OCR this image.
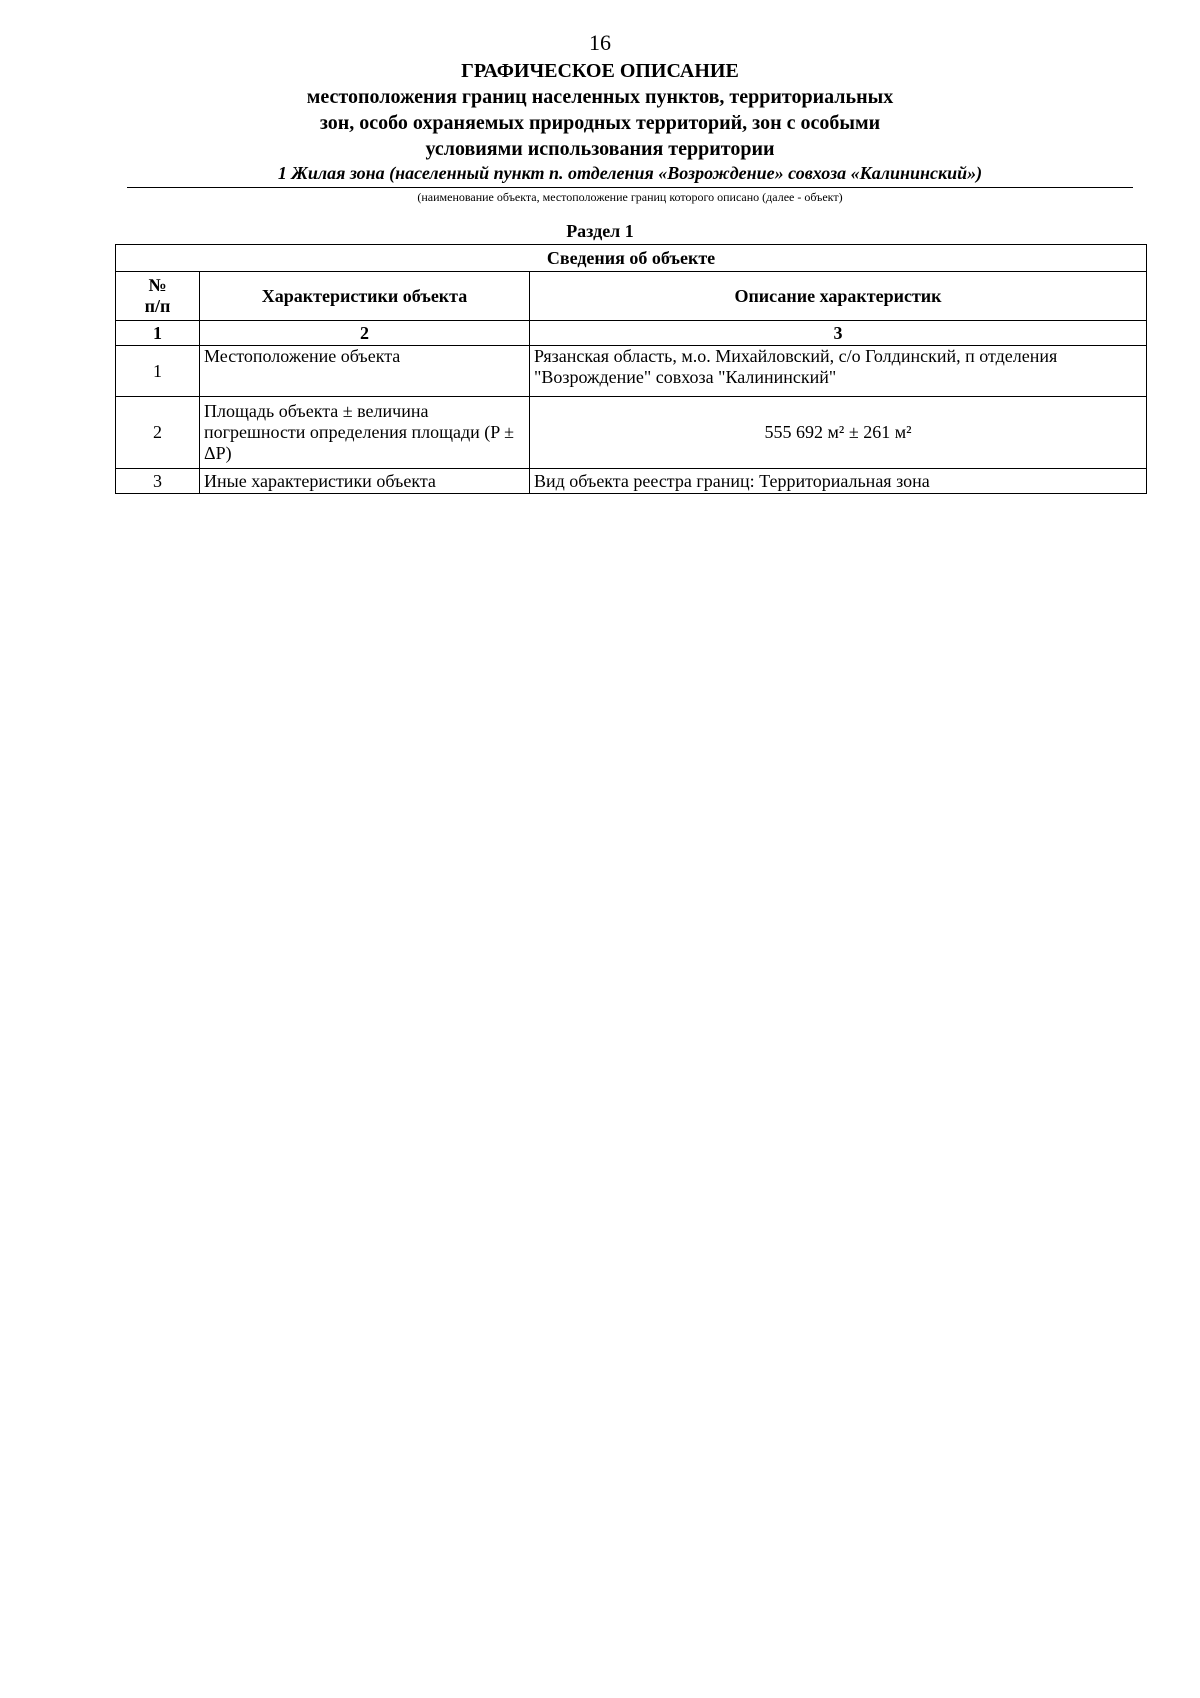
16
ГРАФИЧЕСКОЕ ОПИСАНИЕ
местоположения границ населенных пунктов, территориальных
зон, особо охраняемых природных территорий, зон с особыми
условиями использования территории
1 Жилая зона (населенный пункт п. отделения «Возрождение» совхоза «Калининский»)
(наименование объекта, местоположение границ которого описано (далее - объект)
Раздел 1
Сведения об объекте		

№
п/п	Характеристики объекта	Описание характеристик
1	2	3
1	Местоположение объекта	Рязанская область, м.о. Михайловский, с/о Голдинский, п отделения "Возрождение" совхоза "Калининский"
2	Площадь объекта ± величина погрешности определения площади (P ± ΔP)	555 692 м² ± 261 м²
3	Иные характеристики объекта	Вид объекта реестра границ: Территориальная зона
